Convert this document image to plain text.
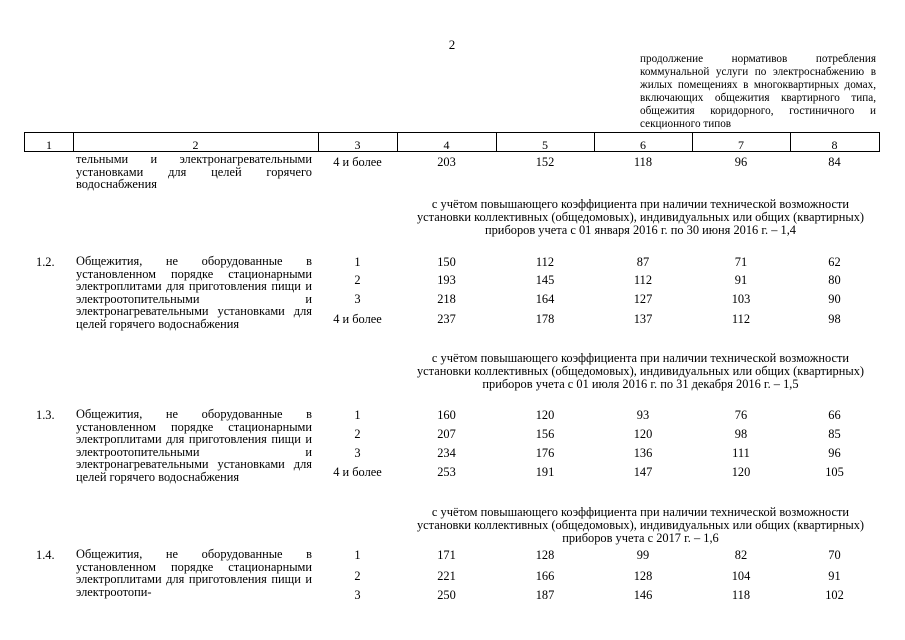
2
продолжение нормативов потребления коммунальной услуги по электроснабжению в жилых помещениях в многоквартирных домах, включающих общежития квартирного типа, общежития коридорного, гостиничного и секционного типов
1	2	3	4	5	6	7	8
тельными и электронагревательными установками для целей горячего водоснабжения
4 и более	203	152	118	96	84
с учётом повышающего коэффициента при наличии технической возможности установки коллективных (общедомовых), индивидуальных или общих (квартирных) приборов учета с 01 января 2016 г. по 30 июня 2016 г. – 1,4
1.2. Общежития, не оборудованные в установленном порядке стационарными электроплитами для приготовления пищи и электроотопительными и электронагревательными установками для целей горячего водоснабжения
1	150	112	87	71	62
2	193	145	112	91	80
3	218	164	127	103	90
4 и более	237	178	137	112	98
с учётом повышающего коэффициента при наличии технической возможности установки коллективных (общедомовых), индивидуальных или общих (квартирных) приборов учета с 01 июля 2016 г. по 31 декабря 2016 г. – 1,5
1.3. Общежития, не оборудованные в установленном порядке стационарными электроплитами для приготовления пищи и электроотопительными и электронагревательными установками для целей горячего водоснабжения
1	160	120	93	76	66
2	207	156	120	98	85
3	234	176	136	111	96
4 и более	253	191	147	120	105
с учётом повышающего коэффициента при наличии технической возможности установки коллективных (общедомовых), индивидуальных или общих (квартирных) приборов учета с 2017 г. – 1,6
1.4. Общежития, не оборудованные в установленном порядке стационарными электроплитами для приготовления пищи и электроотопи-
1	171	128	99	82	70
2	221	166	128	104	91
3	250	187	146	118	102
